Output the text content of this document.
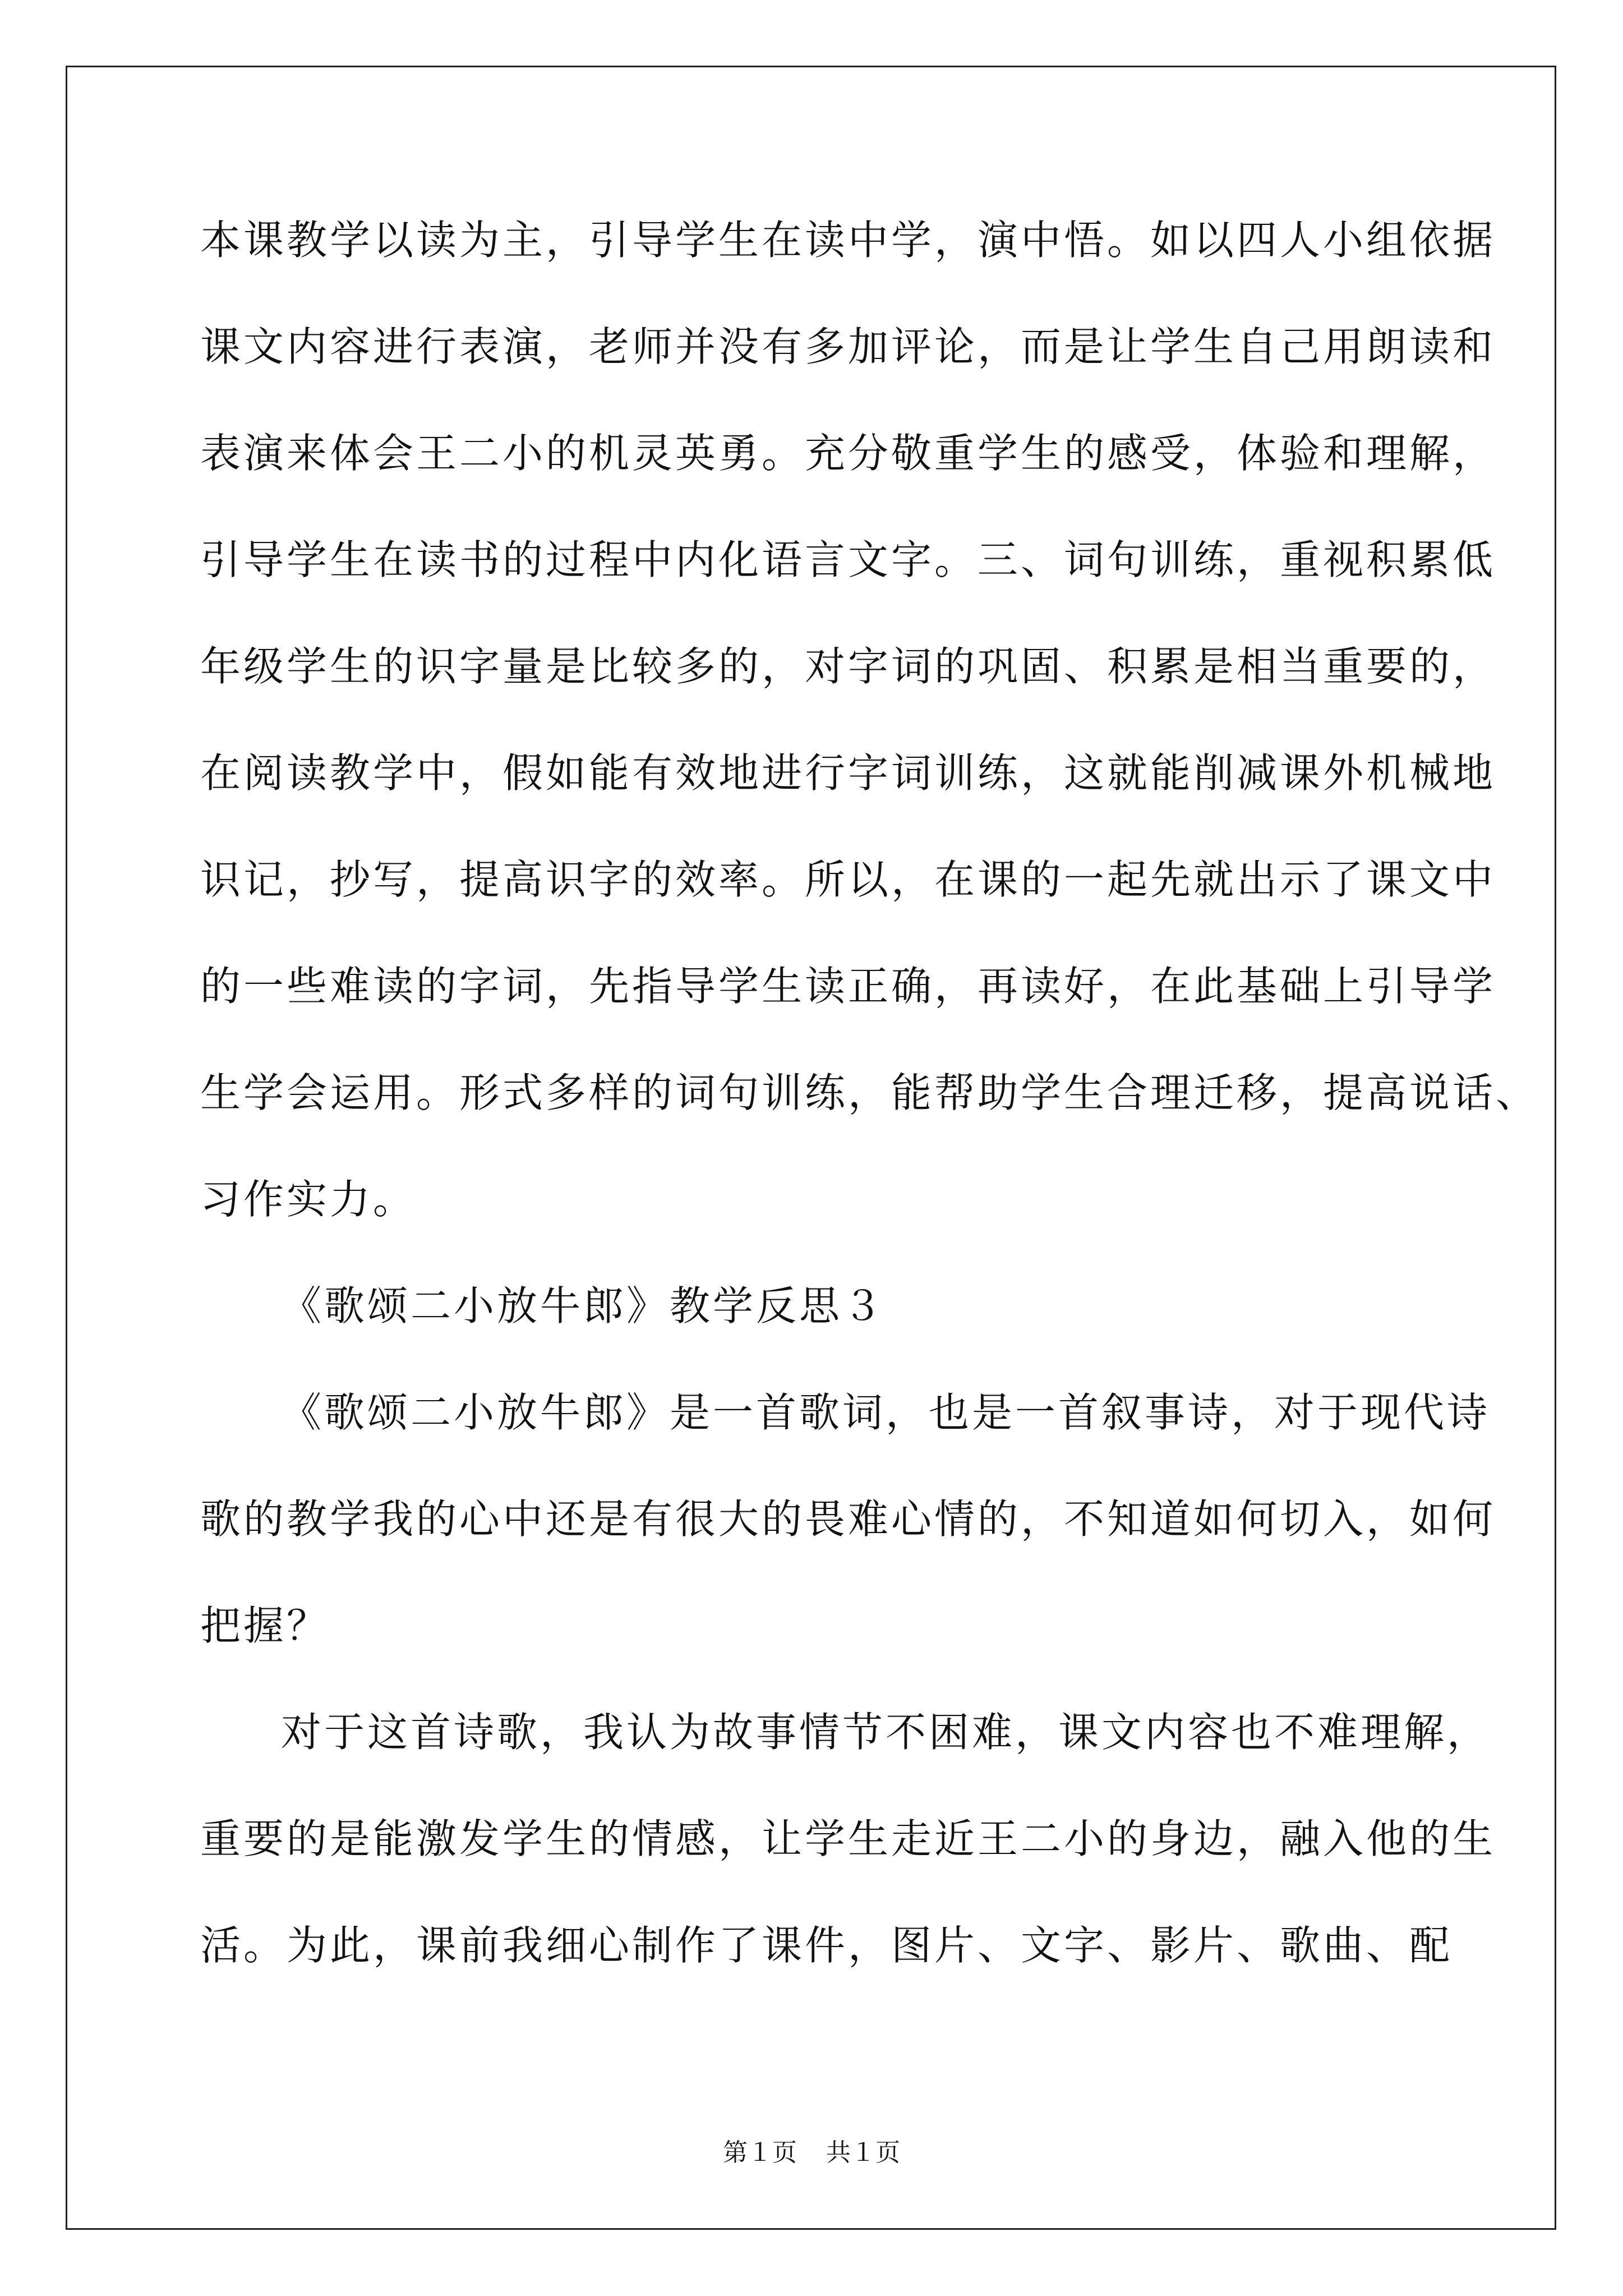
本课教学以读为主，引导学生在读中学，演中悟。如以四人小组依据
课文内容进行表演，老师并没有多加评论，而是让学生自己用朗读和
表演来体会王二小的机灵英勇。充分敬重学生的感受，体验和理解，
引导学生在读书的过程中内化语言文字。三、词句训练，重视积累低
年级学生的识字量是比较多的，对字词的巩固、积累是相当重要的，
在阅读教学中，假如能有效地进行字词训练，这就能削减课外机械地
识记，抄写，提高识字的效率。所以，在课的一起先就出示了课文中
的一些难读的字词，先指导学生读正确，再读好，在此基础上引导学
生学会运用。形式多样的词句训练，能帮助学生合理迁移，提高说话、
习作实力。
《歌颂二小放牛郎》教学反思３
《歌颂二小放牛郎》是一首歌词，也是一首叙事诗，对于现代诗
歌的教学我的心中还是有很大的畏难心情的，不知道如何切入，如何
把握？
对于这首诗歌，我认为故事情节不困难，课文内容也不难理解，
重要的是能激发学生的情感，让学生走近王二小的身边，融入他的生
活。为此，课前我细心制作了课件，图片、文字、影片、歌曲、配
第１页 共１页
